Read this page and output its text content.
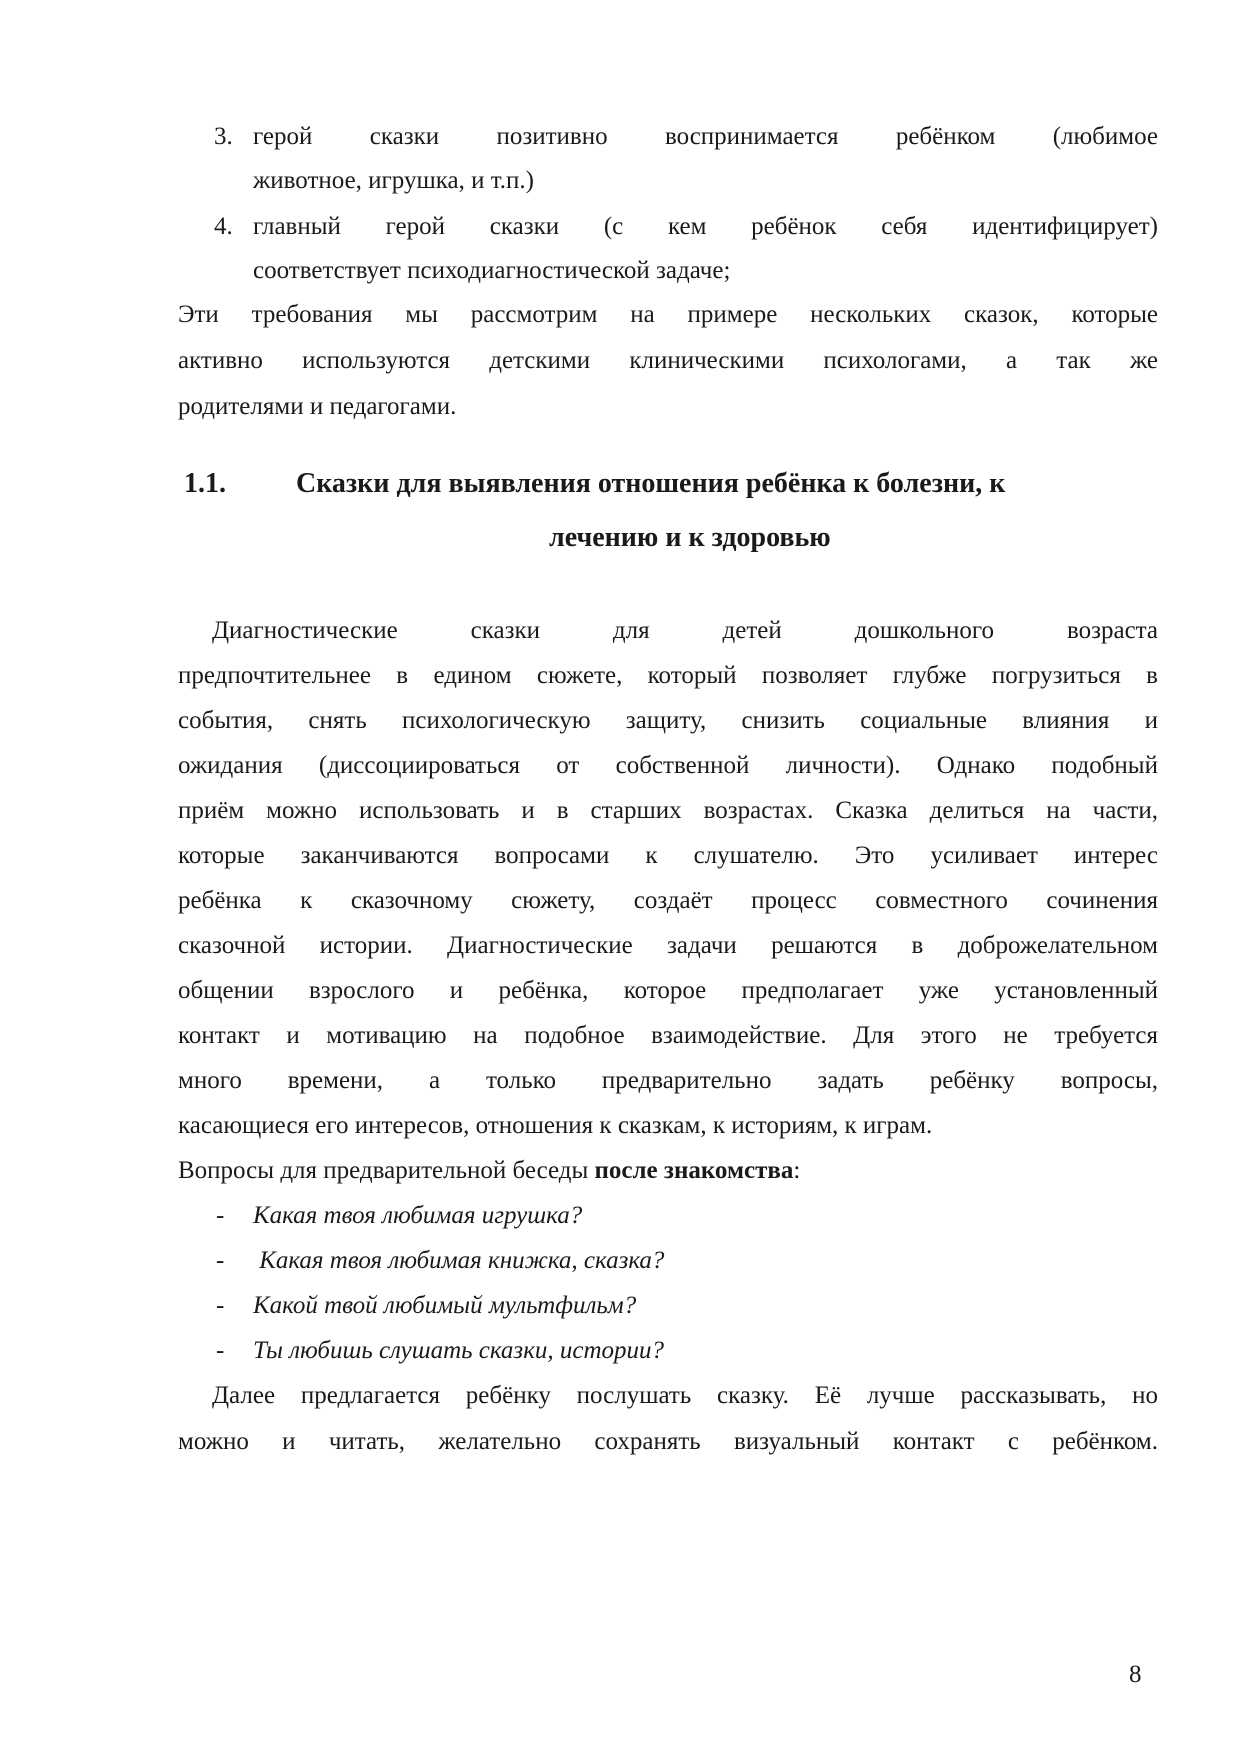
3. герой сказки позитивно воспринимается ребёнком (любимое
животное, игрушка, и т.п.)
4. главный герой сказки (с кем ребёнок себя идентифицирует)
соответствует психодиагностической задаче;
Эти требования мы рассмотрим на примере нескольких сказок, которые
активно используются детскими клиническими психологами, а так же
родителями и педагогами.
1.1.	Сказки для выявления отношения ребёнка к болезни, к
лечению и к здоровью
Диагностические сказки для детей дошкольного возраста
предпочтительнее в едином сюжете, который позволяет глубже погрузиться в
события, снять психологическую защиту, снизить социальные влияния и
ожидания (диссоциироваться от собственной личности). Однако подобный
приём можно использовать и в старших возрастах. Сказка делиться на части,
которые заканчиваются вопросами к слушателю. Это усиливает интерес
ребёнка к сказочному сюжету, создаёт процесс совместного сочинения
сказочной истории. Диагностические задачи решаются в доброжелательном
общении взрослого и ребёнка, которое предполагает уже установленный
контакт и мотивацию на подобное взаимодействие. Для этого не требуется
много времени, а только предварительно задать ребёнку вопросы,
касающиеся его интересов, отношения к сказкам, к историям, к играм.
Вопросы для предварительной беседы после знакомства:
- Какая твоя любимая игрушка?
- Какая твоя любимая книжка, сказка?
- Какой твой любимый мультфильм?
- Ты любишь слушать сказки, истории?
Далее предлагается ребёнку послушать сказку. Её лучше рассказывать, но
можно и читать, желательно сохранять визуальный контакт с ребёнком.
8
